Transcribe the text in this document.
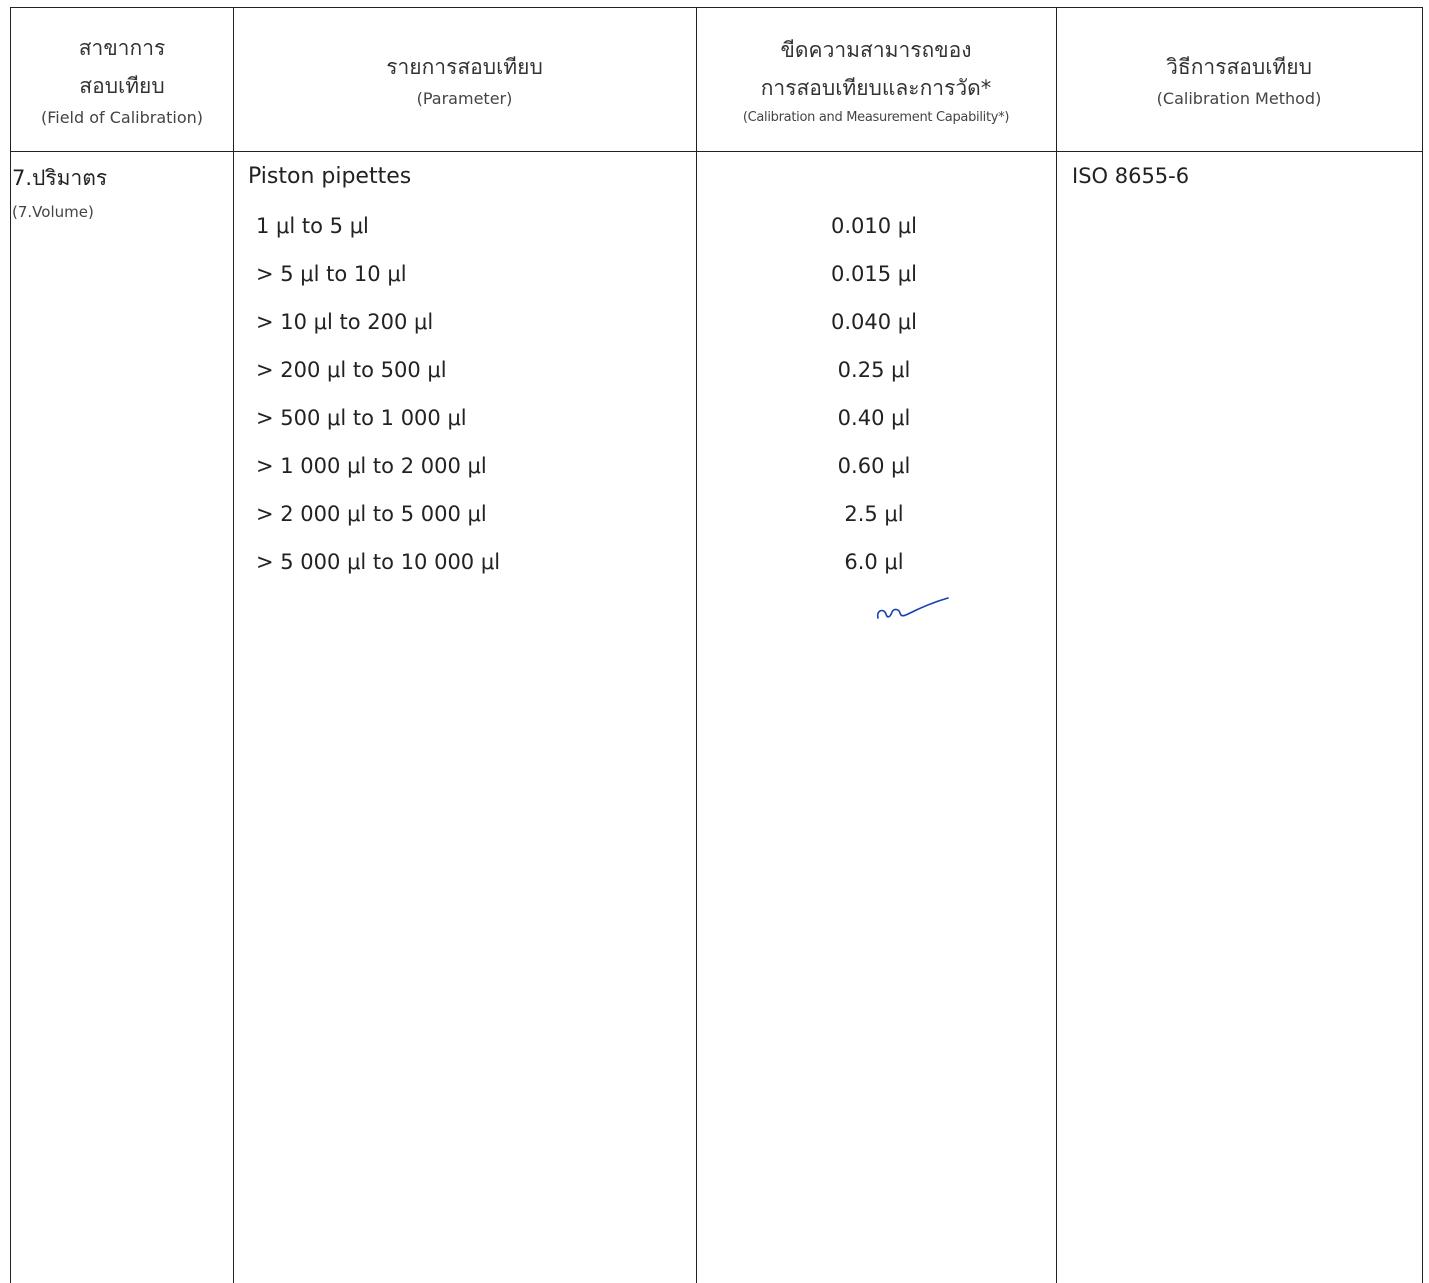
สาขาการ
สอบเทียบ
(Field of Calibration)
รายการสอบเทียบ
(Parameter)
ขีดความสามารถของ
การสอบเทียบและการวัด*
(Calibration and Measurement Capability*)
วิธีการสอบเทียบ
(Calibration Method)
7.ปริมาตร
(7.Volume)
Piston pipettes
1 μl to 5 μl
> 5 μl to 10 μl
> 10 μl to 200 μl
> 200 μl to 500 μl
> 500 μl to 1 000 μl
> 1 000 μl to 2 000 μl
> 2 000 μl to 5 000 μl
> 5 000 μl to 10 000 μl
0.010 μl
0.015 μl
0.040 μl
0.25 μl
0.40 μl
0.60 μl
2.5 μl
6.0 μl
ISO 8655-6
